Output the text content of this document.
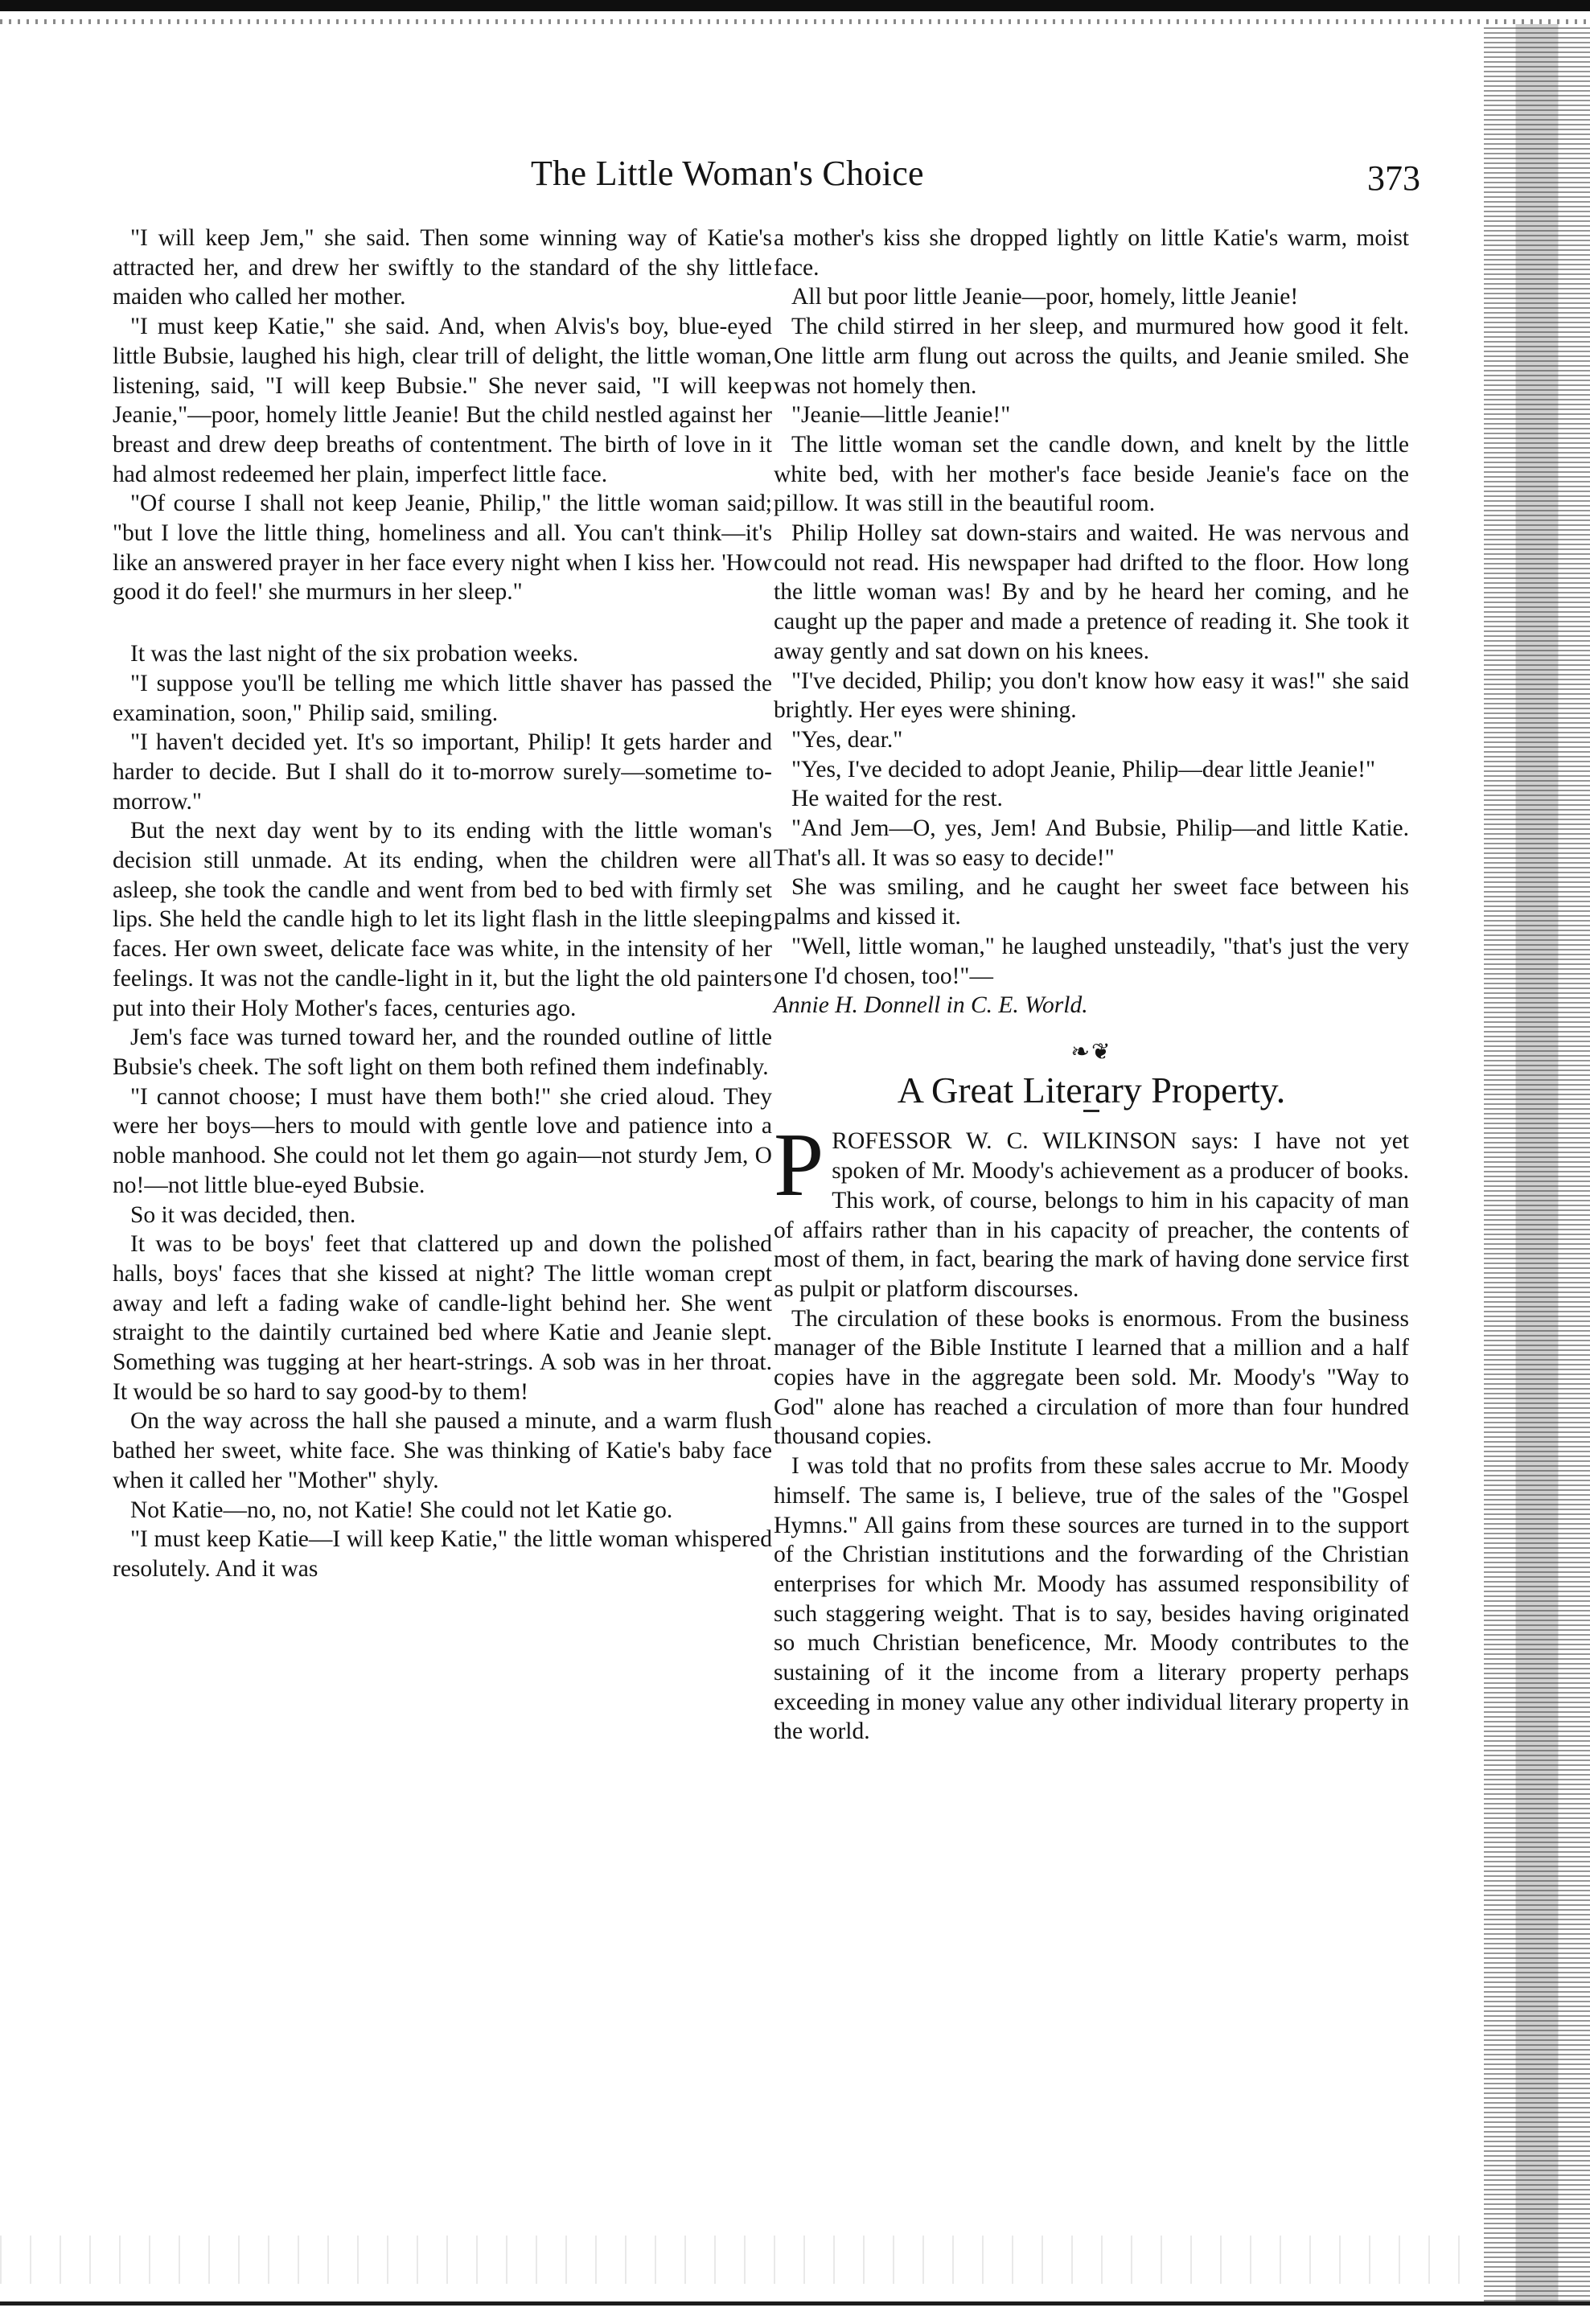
The Little Woman's Choice	373

"I will keep Jem," she said. Then some winning way of Katie's attracted her, and drew her swiftly to the standard of the shy little maiden who called her mother.

"I must keep Katie," she said. And, when Alvis's boy, blue-eyed little Bubsie, laughed his high, clear trill of delight, the little woman, listening, said, "I will keep Bubsie." She never said, "I will keep Jeanie,"—poor, homely little Jeanie! But the child nestled against her breast and drew deep breaths of contentment. The birth of love in it had almost redeemed her plain, imperfect little face.

"Of course I shall not keep Jeanie, Philip," the little woman said; "but I love the little thing, homeliness and all. You can't think—it's like an answered prayer in her face every night when I kiss her. 'How good it do feel!' she murmurs in her sleep."

It was the last night of the six probation weeks.

"I suppose you'll be telling me which little shaver has passed the examination, soon," Philip said, smiling.

"I haven't decided yet. It's so important, Philip! It gets harder and harder to decide. But I shall do it to-morrow surely—sometime to-morrow."

But the next day went by to its ending with the little woman's decision still unmade. At its ending, when the children were all asleep, she took the candle and went from bed to bed with firmly set lips. She held the candle high to let its light flash in the little sleeping faces. Her own sweet, delicate face was white, in the intensity of her feelings. It was not the candle-light in it, but the light the old painters put into their Holy Mother's faces, centuries ago.

Jem's face was turned toward her, and the rounded outline of little Bubsie's cheek. The soft light on them both refined them indefinably.

"I cannot choose; I must have them both!" she cried aloud. They were her boys—hers to mould with gentle love and patience into a noble manhood. She could not let them go again—not sturdy Jem, O no!—not little blue-eyed Bubsie.

So it was decided, then.

It was to be boys' feet that clattered up and down the polished halls, boys' faces that she kissed at night? The little woman crept away and left a fading wake of candle-light behind her. She went straight to the daintily curtained bed where Katie and Jeanie slept. Something was tugging at her heart-strings. A sob was in her throat. It would be so hard to say good-by to them!

On the way across the hall she paused a minute, and a warm flush bathed her sweet, white face. She was thinking of Katie's baby face when it called her "Mother" shyly.

Not Katie—no, no, not Katie! She could not let Katie go.

"I must keep Katie—I will keep Katie," the little woman whispered resolutely. And it was

a mother's kiss she dropped lightly on little Katie's warm, moist face.

All but poor little Jeanie—poor, homely, little Jeanie!

The child stirred in her sleep, and murmured how good it felt. One little arm flung out across the quilts, and Jeanie smiled. She was not homely then.

"Jeanie—little Jeanie!"

The little woman set the candle down, and knelt by the little white bed, with her mother's face beside Jeanie's face on the pillow. It was still in the beautiful room.

Philip Holley sat down-stairs and waited. He was nervous and could not read. His newspaper had drifted to the floor. How long the little woman was! By and by he heard her coming, and he caught up the paper and made a pretence of reading it. She took it away gently and sat down on his knees.

"I've decided, Philip; you don't know how easy it was!" she said brightly. Her eyes were shining.

"Yes, dear."

"Yes, I've decided to adopt Jeanie, Philip—dear little Jeanie!"

He waited for the rest.

"And Jem—O, yes, Jem! And Bubsie, Philip—and little Katie. That's all. It was so easy to decide!"

She was smiling, and he caught her sweet face between his palms and kissed it.

"Well, little woman," he laughed unsteadily, "that's just the very one I'd chosen, too!"—

Annie H. Donnell in C. E. World.

❧❦
A Great Literary Property.

PROFESSOR W. C. WILKINSON says: I have not yet spoken of Mr. Moody's achievement as a producer of books. This work, of course, belongs to him in his capacity of man of affairs rather than in his capacity of preacher, the contents of most of them, in fact, bearing the mark of having done service first as pulpit or platform discourses.

The circulation of these books is enormous. From the business manager of the Bible Institute I learned that a million and a half copies have in the aggregate been sold. Mr. Moody's "Way to God" alone has reached a circulation of more than four hundred thousand copies.

I was told that no profits from these sales accrue to Mr. Moody himself. The same is, I believe, true of the sales of the "Gospel Hymns." All gains from these sources are turned in to the support of the Christian institutions and the forwarding of the Christian enterprises for which Mr. Moody has assumed responsibility of such staggering weight. That is to say, besides having originated so much Christian beneficence, Mr. Moody contributes to the sustaining of it the income from a literary property perhaps exceeding in money value any other individual literary property in the world.
